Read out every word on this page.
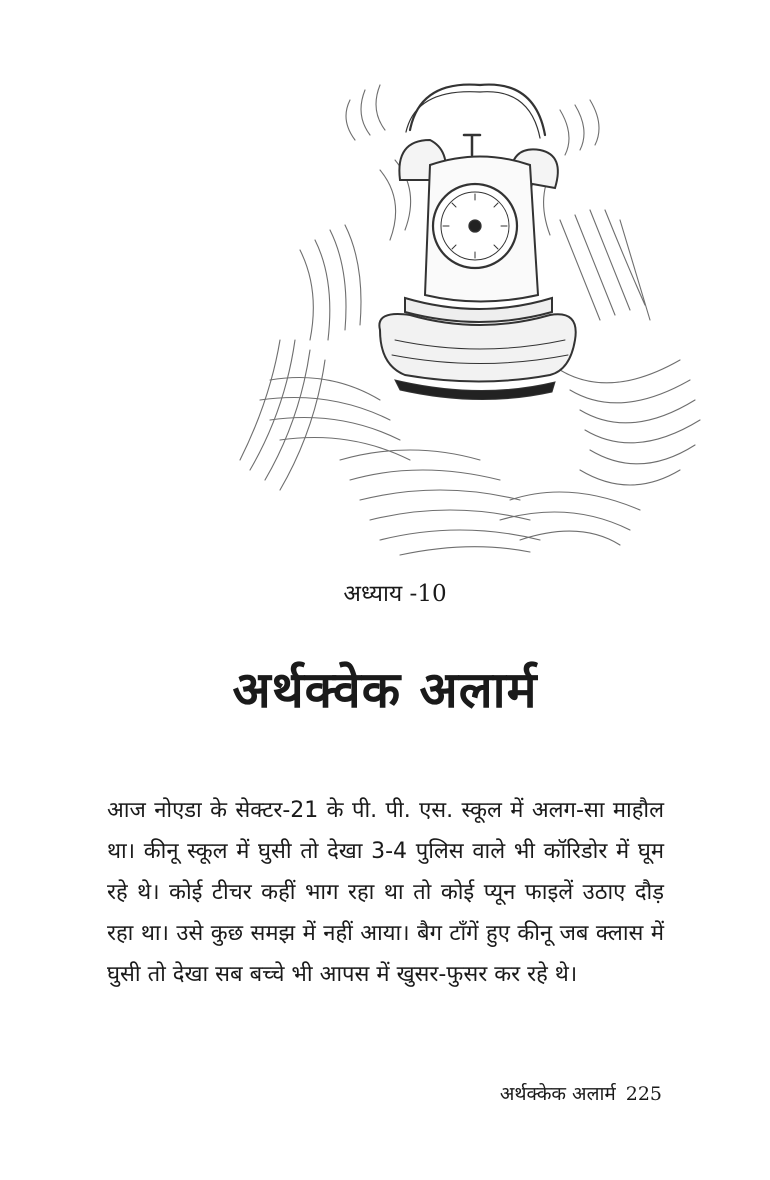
अध्याय -10
अर्थक्वेक अलार्म

आज नोएडा के सेक्टर-21 के पी. पी. एस. स्कूल में अलग-सा माहौल था। कीनू स्कूल में घुसी तो देखा 3-4 पुलिस वाले भी कॉरिडोर में घूम रहे थे। कोई टीचर कहीं भाग रहा था तो कोई प्यून फाइलें उठाए दौड़ रहा था। उसे कुछ समझ में नहीं आया। बैग टाँगें हुए कीनू जब क्लास में घुसी तो देखा सब बच्चे भी आपस में खुसर-फुसर कर रहे थे।

अर्थक्केक अलार्म 225
